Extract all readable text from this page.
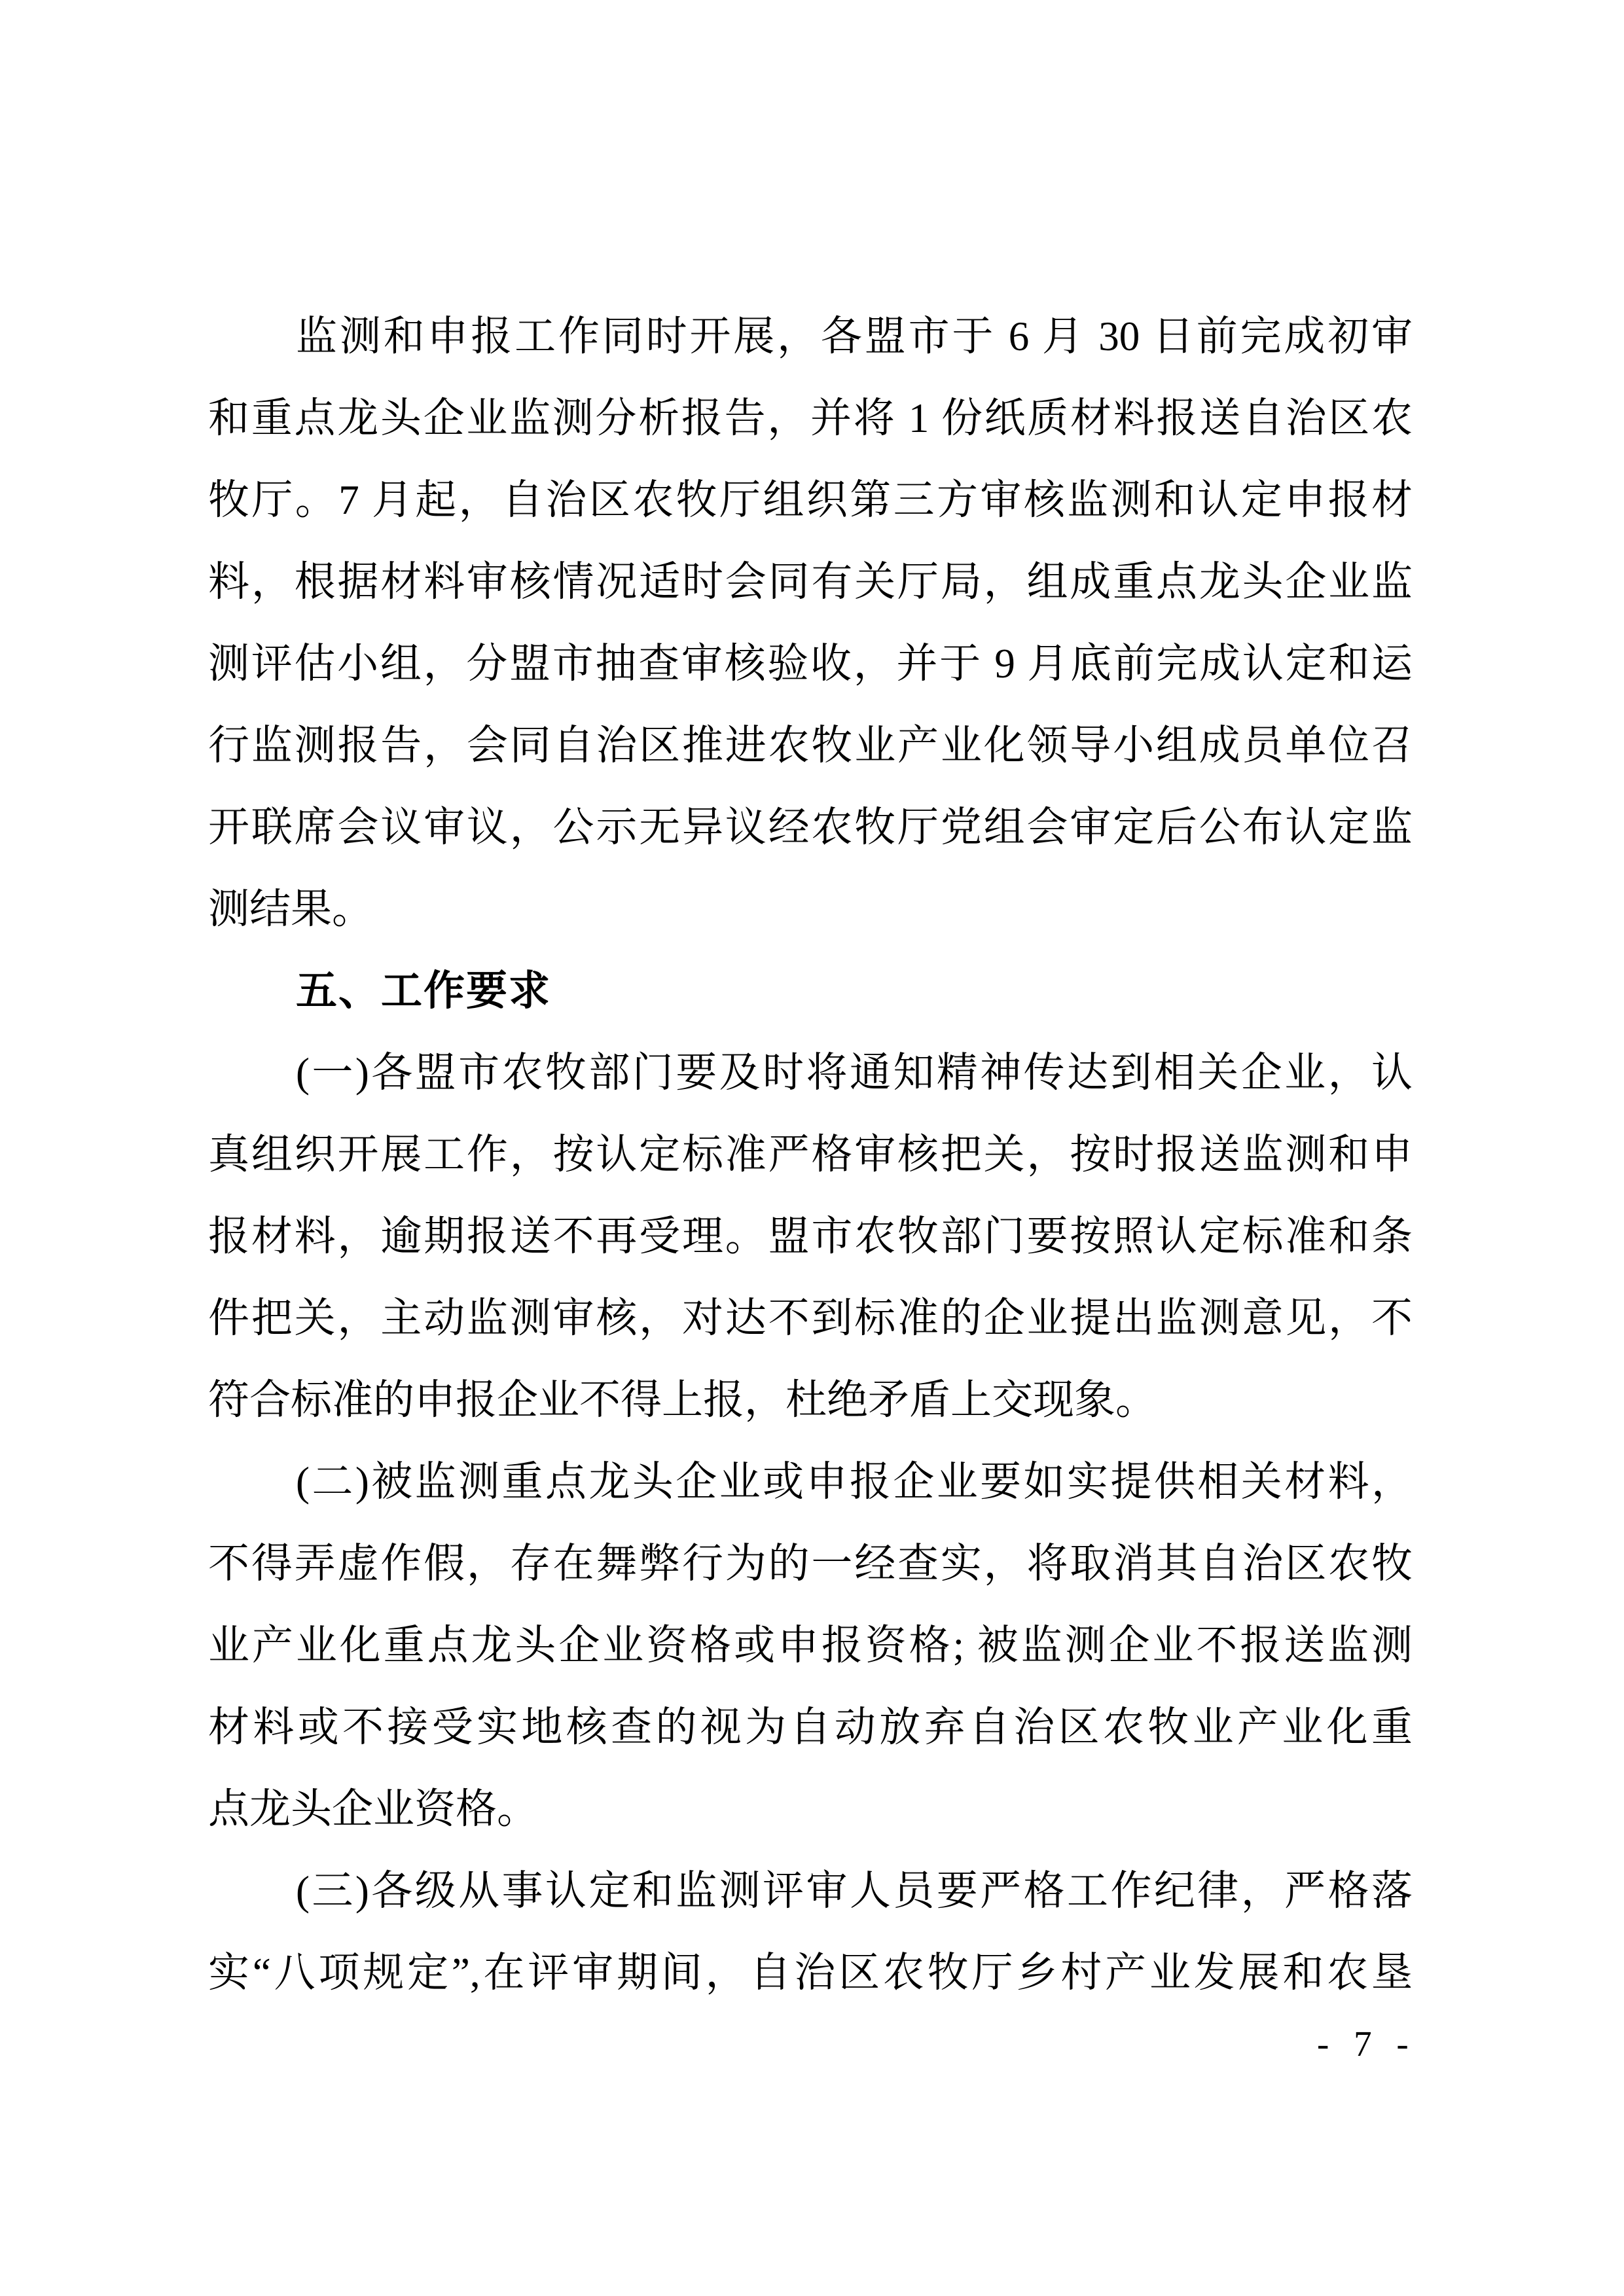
监测和申报工作同时开展，各盟市于 6 月 30 日前完成初审
和重点龙头企业监测分析报告，并将 1 份纸质材料报送自治区农
牧厅。7 月起，自治区农牧厅组织第三方审核监测和认定申报材
料，根据材料审核情况适时会同有关厅局，组成重点龙头企业监
测评估小组，分盟市抽查审核验收，并于 9 月底前完成认定和运
行监测报告，会同自治区推进农牧业产业化领导小组成员单位召
开联席会议审议，公示无异议经农牧厅党组会审定后公布认定监
测结果。
五、工作要求
(一)各盟市农牧部门要及时将通知精神传达到相关企业，认
真组织开展工作，按认定标准严格审核把关，按时报送监测和申
报材料，逾期报送不再受理。盟市农牧部门要按照认定标准和条
件把关，主动监测审核，对达不到标准的企业提出监测意见，不
符合标准的申报企业不得上报，杜绝矛盾上交现象。
(二)被监测重点龙头企业或申报企业要如实提供相关材料，
不得弄虚作假，存在舞弊行为的一经查实，将取消其自治区农牧
业产业化重点龙头企业资格或申报资格; 被监测企业不报送监测
材料或不接受实地核查的视为自动放弃自治区农牧业产业化重
点龙头企业资格。
(三)各级从事认定和监测评审人员要严格工作纪律，严格落
实“八项规定”,在评审期间，自治区农牧厅乡村产业发展和农垦
- 7 -
